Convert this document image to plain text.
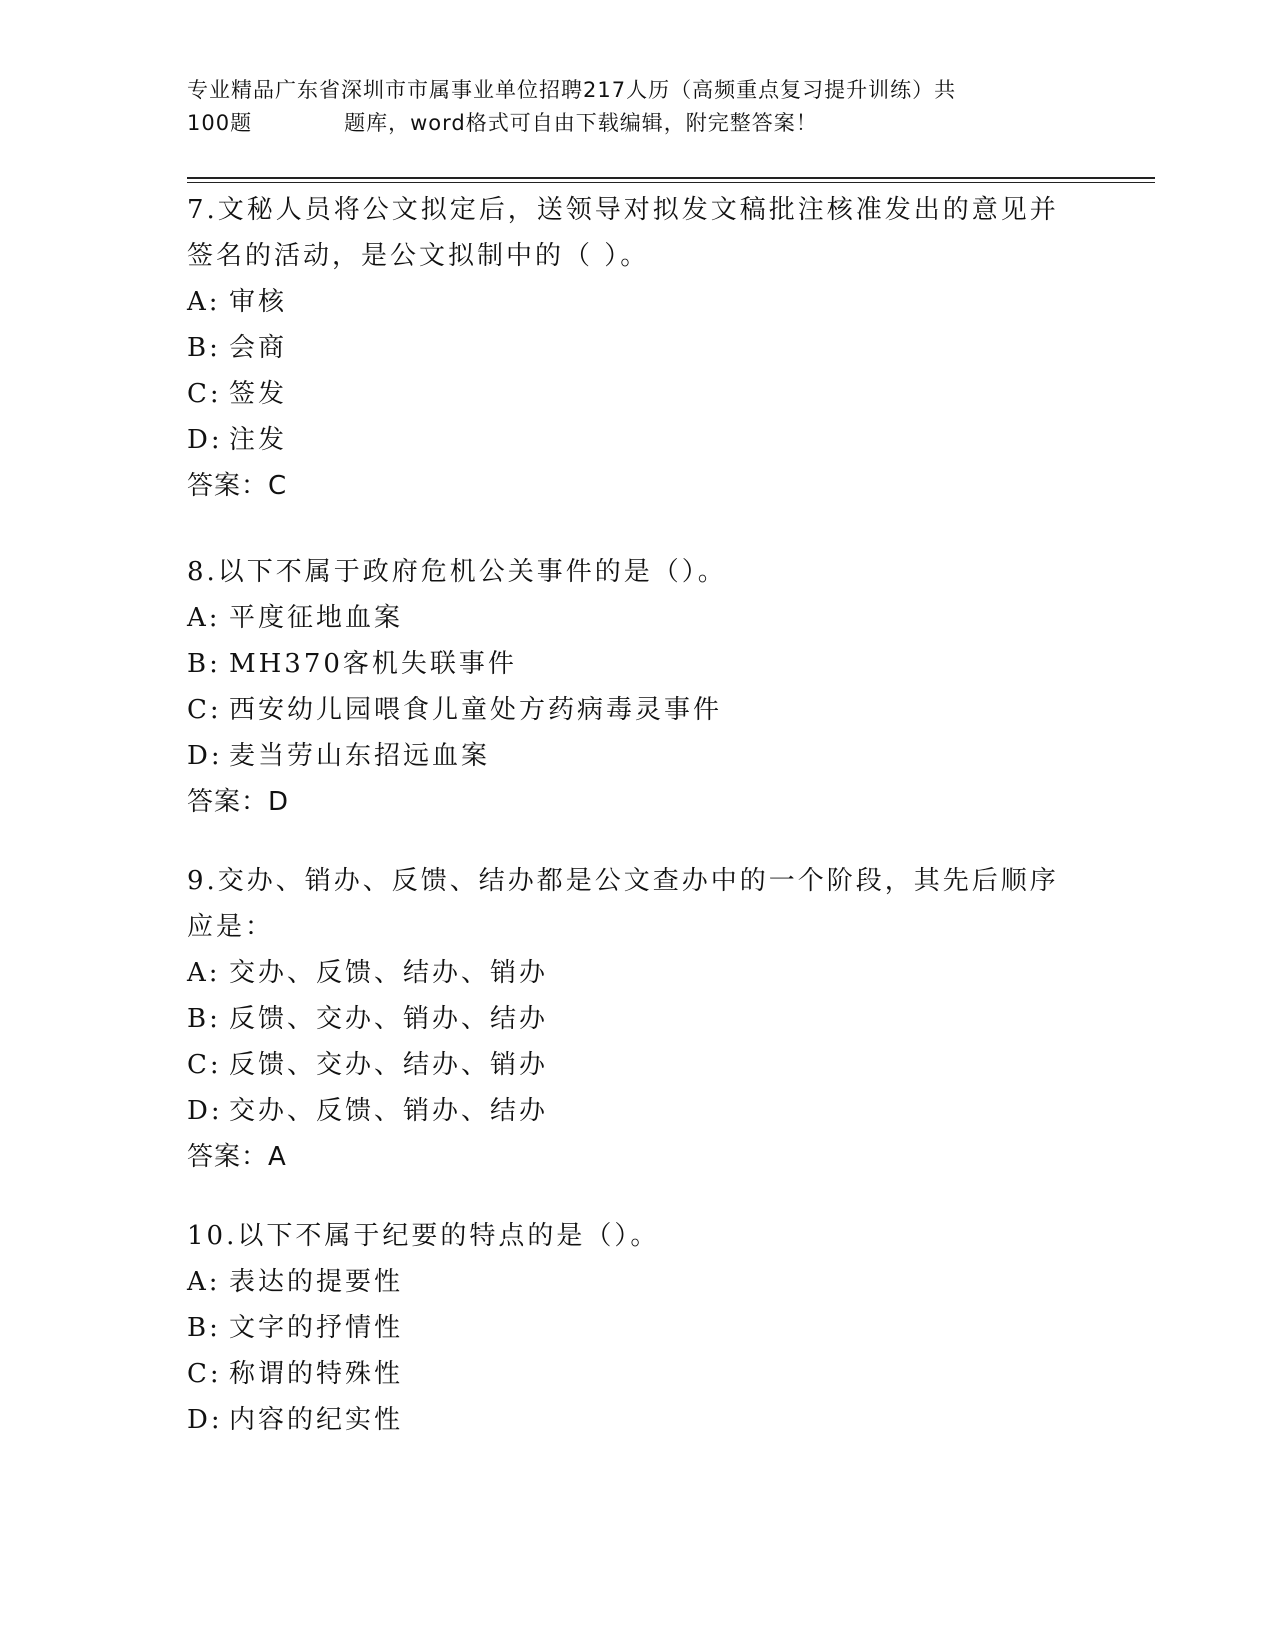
专业精品广东省深圳市市属事业单位招聘217人历（高频重点复习提升训练）共
100题	题库，word格式可自由下载编辑，附完整答案！
7.文秘人员将公文拟定后，送领导对拟发文稿批注核准发出的意见并
签名的活动，是公文拟制中的（ ）。
A: 审核
B: 会商
C: 签发
D: 注发
答案：C
8.以下不属于政府危机公关事件的是（）。
A: 平度征地血案
B: MH370客机失联事件
C: 西安幼儿园喂食儿童处方药病毒灵事件
D: 麦当劳山东招远血案
答案：D
9.交办、销办、反馈、结办都是公文查办中的一个阶段，其先后顺序
应是：
A: 交办、反馈、结办、销办
B: 反馈、交办、销办、结办
C: 反馈、交办、结办、销办
D: 交办、反馈、销办、结办
答案：A
10.以下不属于纪要的特点的是（）。
A: 表达的提要性
B: 文字的抒情性
C: 称谓的特殊性
D: 内容的纪实性
